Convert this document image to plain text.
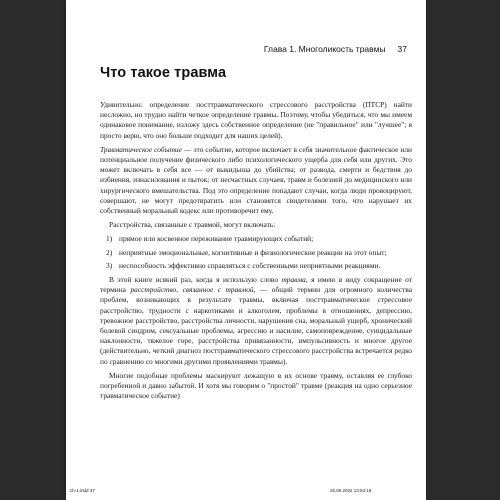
Глава 1. Многоликость травмы 37
Что такое травма

Удивительно: определение посттравматического стрессового расстройства (ПТСР) найти несложно, но трудно найти четкое определение травмы. Поэтому, чтобы убедиться, что мы имеем одинаковое понимание, изложу здесь собственное определение (не "правильное" или "лучшее"; я просто верю, что оно больше подходит для наших целей).

Травматическое событие — это событие, которое включает в себя значительное фактическое или потенциальное получение физического либо психологического ущерба для себя или других. Это может включать в себя все — от выкидыша до убийства; от развода, смерти и бедствия до избиения, изнасилования и пыток; от несчастных случаев, травм и болезней до медицинского или хирургического вмешательства. Под это определение попадают случаи, когда люди провоцируют, совершают, не могут предотвратить или становятся свидетелями того, что нарушает их собственный моральный кодекс или противоречит ему.

Расстройства, связанные с травмой, могут включать:

1) прямое или косвенное переживание травмирующих событий;
2) неприятные эмоциональные, когнитивные и физиологические реакции на этот опыт;
3) неспособность эффективно справляться с собственными неприятными реакциями.

В этой книге всякий раз, когда я использую слово травма, я имею в виду сокращение от термина расстройство, связанное с травмой, — общий термин для огромного количества проблем, возникающих в результате травмы, включая посттравматическое стрессовое расстройство, трудности с наркотиками и алкоголем, проблемы в отношениях, депрессию, тревожное расстройство, расстройства личности, нарушения сна, моральный ущерб, хронический болевой синдром, сексуальные проблемы, агрессию и насилие, самоповреждение, суицидальные наклонности, тяжелое горе, расстройства привязанности, импульсивность и многое другое (действительно, четкий диагноз посттравматического стрессового расстройства встречается редко по сравнению со многими другими проявлениями травмы).

Многие подобные проблемы маскируют лежащую в их основе травму, оставляя ее глубоко погребенной и давно забытой. И хотя мы говорим о "простой" травме (реакция на одно серьезное травматическое событие)

ch-1.indd 37	25.06.2022 13:53:18
